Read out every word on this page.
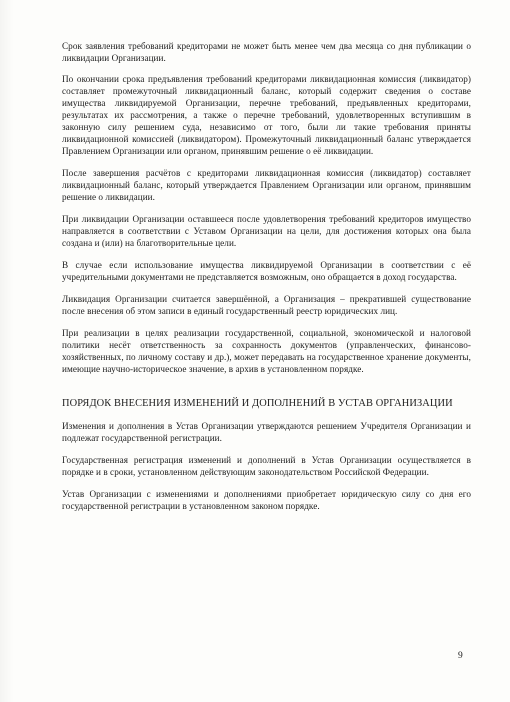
Срок заявления требований кредиторами не может быть менее чем два месяца со дня публикации о ликвидации Организации.

По окончании срока предъявления требований кредиторами ликвидационная комиссия (ликвидатор) составляет промежуточный ликвидационный баланс, который содержит сведения о составе имущества ликвидируемой Организации, перечне требований, предъявленных кредиторами, результатах их рассмотрения, а также о перечне требований, удовлетворенных вступившим в законную силу решением суда, независимо от того, были ли такие требования приняты ликвидационной комиссией (ликвидатором). Промежуточный ликвидационный баланс утверждается Правлением Организации или органом, принявшим решение о её ликвидации.

После завершения расчётов с кредиторами ликвидационная комиссия (ликвидатор) составляет ликвидационный баланс, который утверждается Правлением Организации или органом, принявшим решение о ликвидации.

При ликвидации Организации оставшееся после удовлетворения требований кредиторов имущество направляется в соответствии с Уставом Организации на цели, для достижения которых она была создана и (или) на благотворительные цели.

В случае если использование имущества ликвидируемой Организации в соответствии с её учредительными документами не представляется возможным, оно обращается в доход государства.

Ликвидация Организации считается завершённой, а Организация – прекратившей существование после внесения об этом записи в единый государственный реестр юридических лиц.

При реализации в целях реализации государственной, социальной, экономической и налоговой политики несёт ответственность за сохранность документов (управленческих, финансово-хозяйственных, по личному составу и др.), может передавать на государственное хранение документы, имеющие научно-историческое значение, в архив в установленном порядке.

ПОРЯДОК ВНЕСЕНИЯ ИЗМЕНЕНИЙ И ДОПОЛНЕНИЙ В УСТАВ ОРГАНИЗАЦИИ

Изменения и дополнения в Устав Организации утверждаются решением Учредителя Организации и подлежат государственной регистрации.

Государственная регистрация изменений и дополнений в Устав Организации осуществляется в порядке и в сроки, установленном действующим законодательством Российской Федерации.

Устав Организации с изменениями и дополнениями приобретает юридическую силу со дня его государственной регистрации в установленном законом порядке.

9
